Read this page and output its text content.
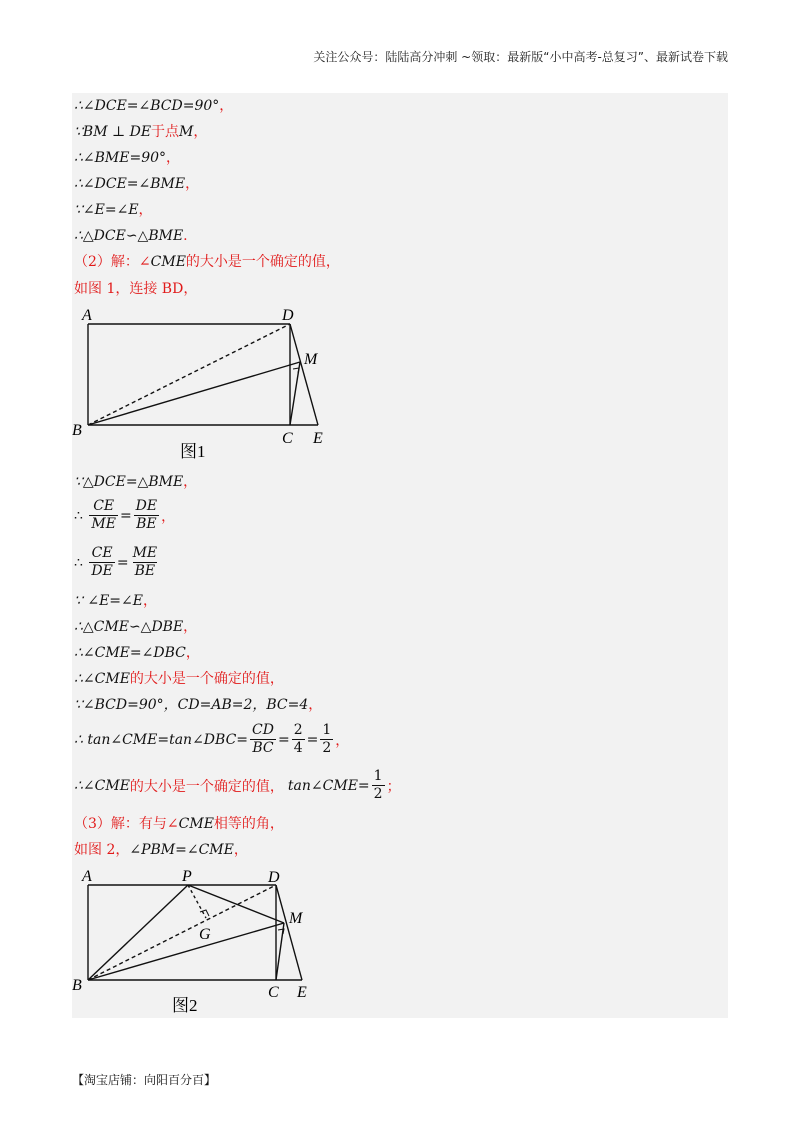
关注公众号：陆陆高分冲刺 ~领取：最新版“小中高考-总复习”、最新试卷下载
∴∠DCE=∠BCD=90°，
∵BM ⊥ DE于点M，
∴∠BME=90°，
∴∠DCE=∠BME，
∵∠E=∠E，
∴△DCE∽△BME.
（2）解：∠CME的大小是一个确定的值，
如图 1，连接 BD，
A
B	C
D
E
M
图1
∵△DCE=△BME，
∴
$\frac{CE}{ME} = \frac{DE}{BE}$ ，
∴
$\frac{CE}{DE} = \frac{ME}{BE}$
∵ ∠E=∠E，
∴△CME∽△DBE，
∴∠CME=∠DBC，
∴∠CME的大小是一个确定的值，
∵∠BCD=90°，CD=AB=2，BC=4，
∴ tan∠CME=tan∠DBC= $\frac{CD}{BC} = \frac{2}{4} = \frac{1}{2}$ ，
∴∠ CME 的大小是一个确定的值， tan∠CME= $\frac{1}{2}$ ；
（3）解：有与∠CME相等的角，
如图 2，∠PBM=∠CME，
A
B	C
D
E
M
P
G
图2
【淘宝店铺：向阳百分百】
